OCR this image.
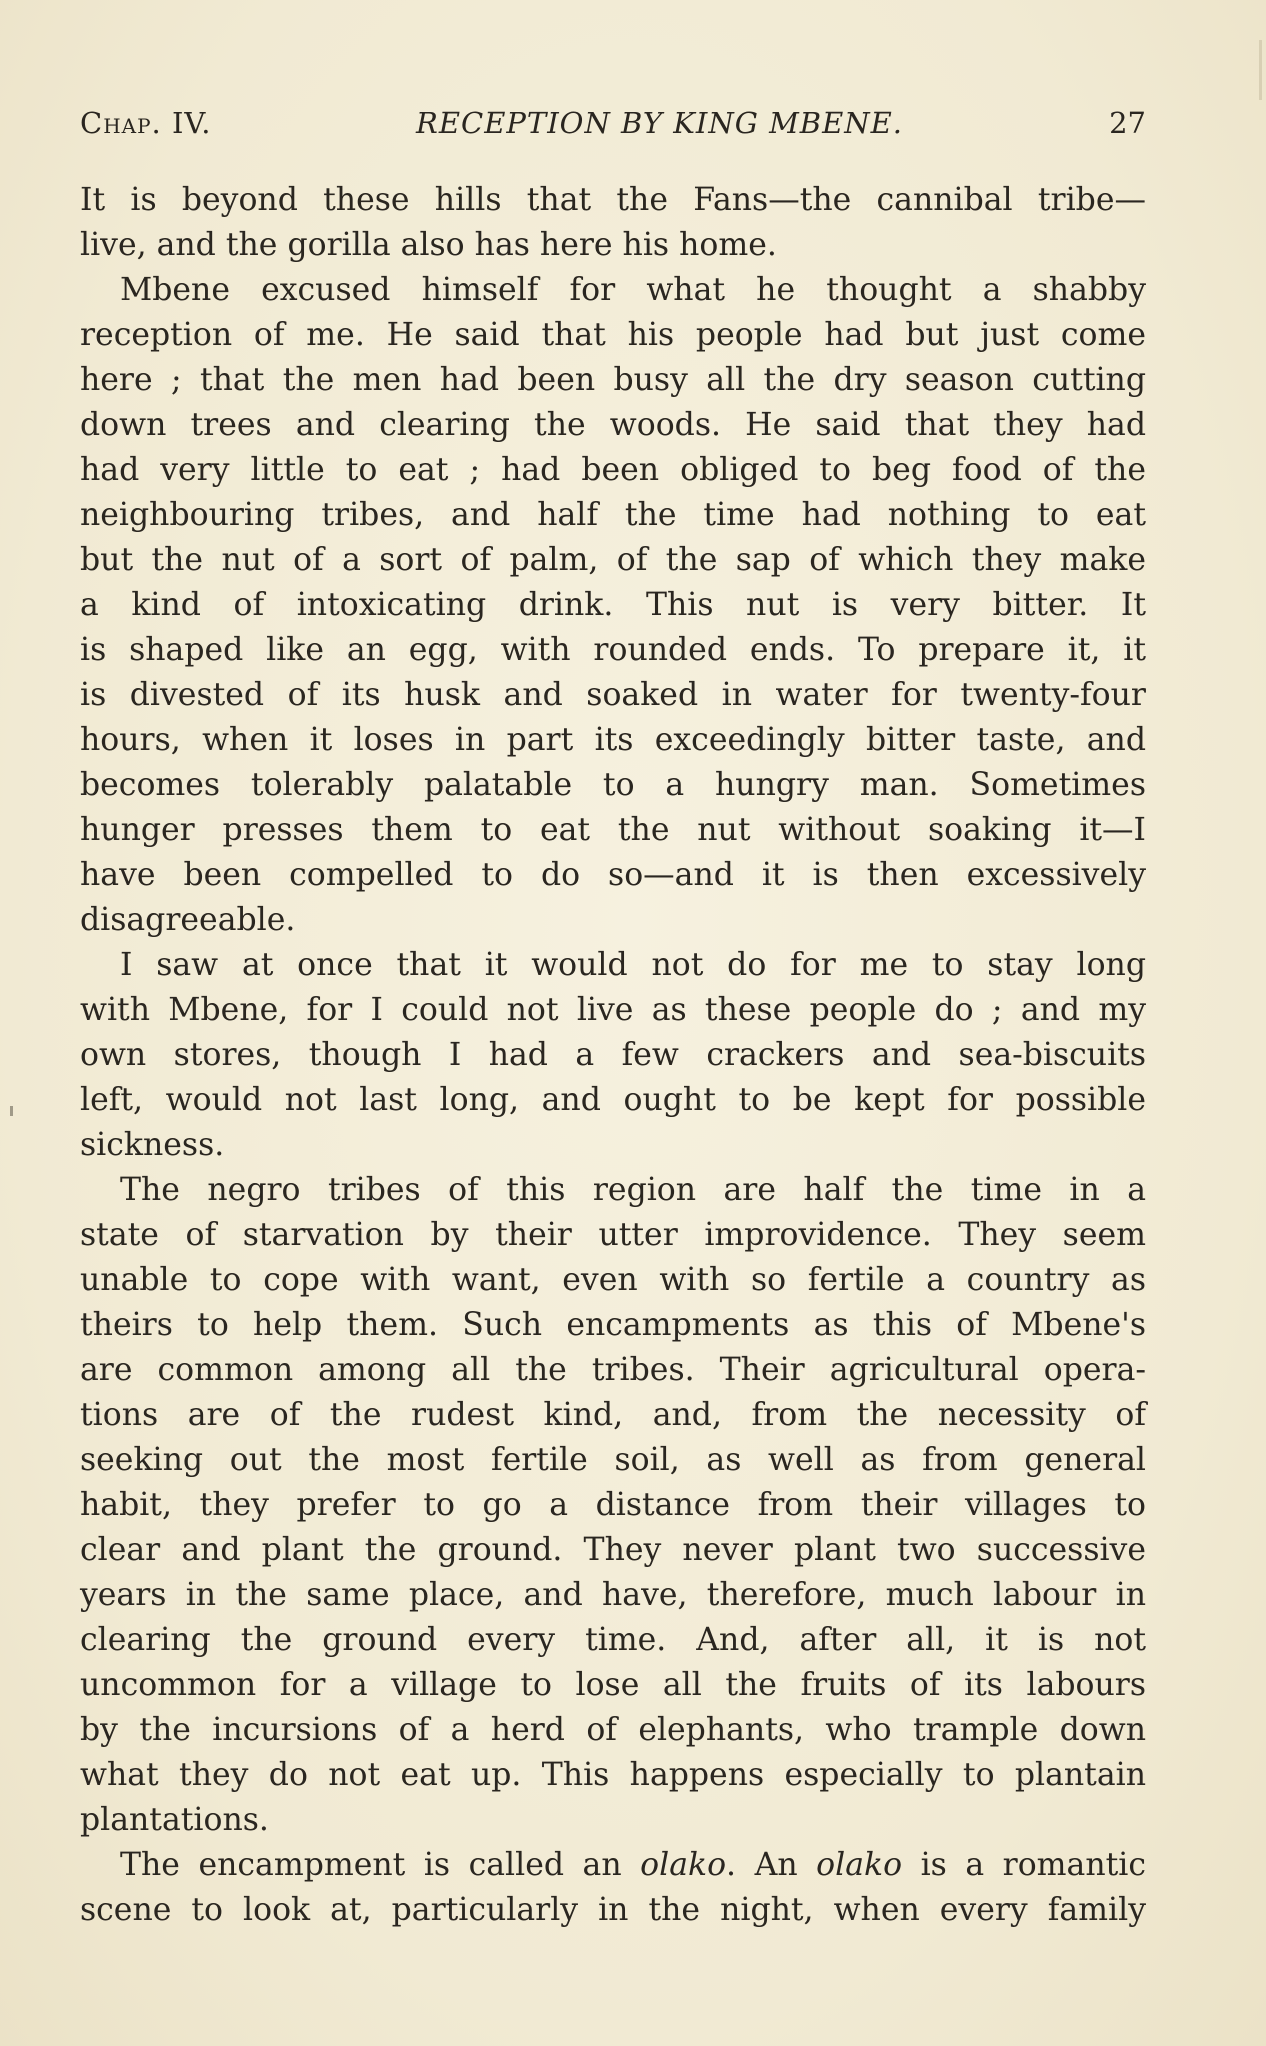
Chap. IV.	RECEPTION BY KING MBENE.	27
It is beyond these hills that the Fans—the cannibal tribe—
live, and the gorilla also has here his home.
Mbene excused himself for what he thought a shabby
reception of me. He said that his people had but just come
here ; that the men had been busy all the dry season cutting
down trees and clearing the woods. He said that they had
had very little to eat ; had been obliged to beg food of the
neighbouring tribes, and half the time had nothing to eat
but the nut of a sort of palm, of the sap of which they make
a kind of intoxicating drink. This nut is very bitter. It
is shaped like an egg, with rounded ends. To prepare it, it
is divested of its husk and soaked in water for twenty-four
hours, when it loses in part its exceedingly bitter taste, and
becomes tolerably palatable to a hungry man. Sometimes
hunger presses them to eat the nut without soaking it—I
have been compelled to do so—and it is then excessively
disagreeable.
I saw at once that it would not do for me to stay long
with Mbene, for I could not live as these people do ; and my
own stores, though I had a few crackers and sea-biscuits
left, would not last long, and ought to be kept for possible
sickness.
The negro tribes of this region are half the time in a
state of starvation by their utter improvidence. They seem
unable to cope with want, even with so fertile a country as
theirs to help them. Such encampments as this of Mbene's
are common among all the tribes. Their agricultural opera-
tions are of the rudest kind, and, from the necessity of
seeking out the most fertile soil, as well as from general
habit, they prefer to go a distance from their villages to
clear and plant the ground. They never plant two successive
years in the same place, and have, therefore, much labour in
clearing the ground every time. And, after all, it is not
uncommon for a village to lose all the fruits of its labours
by the incursions of a herd of elephants, who trample down
what they do not eat up. This happens especially to plantain
plantations.
The encampment is called an olako. An olako is a romantic
scene to look at, particularly in the night, when every family
